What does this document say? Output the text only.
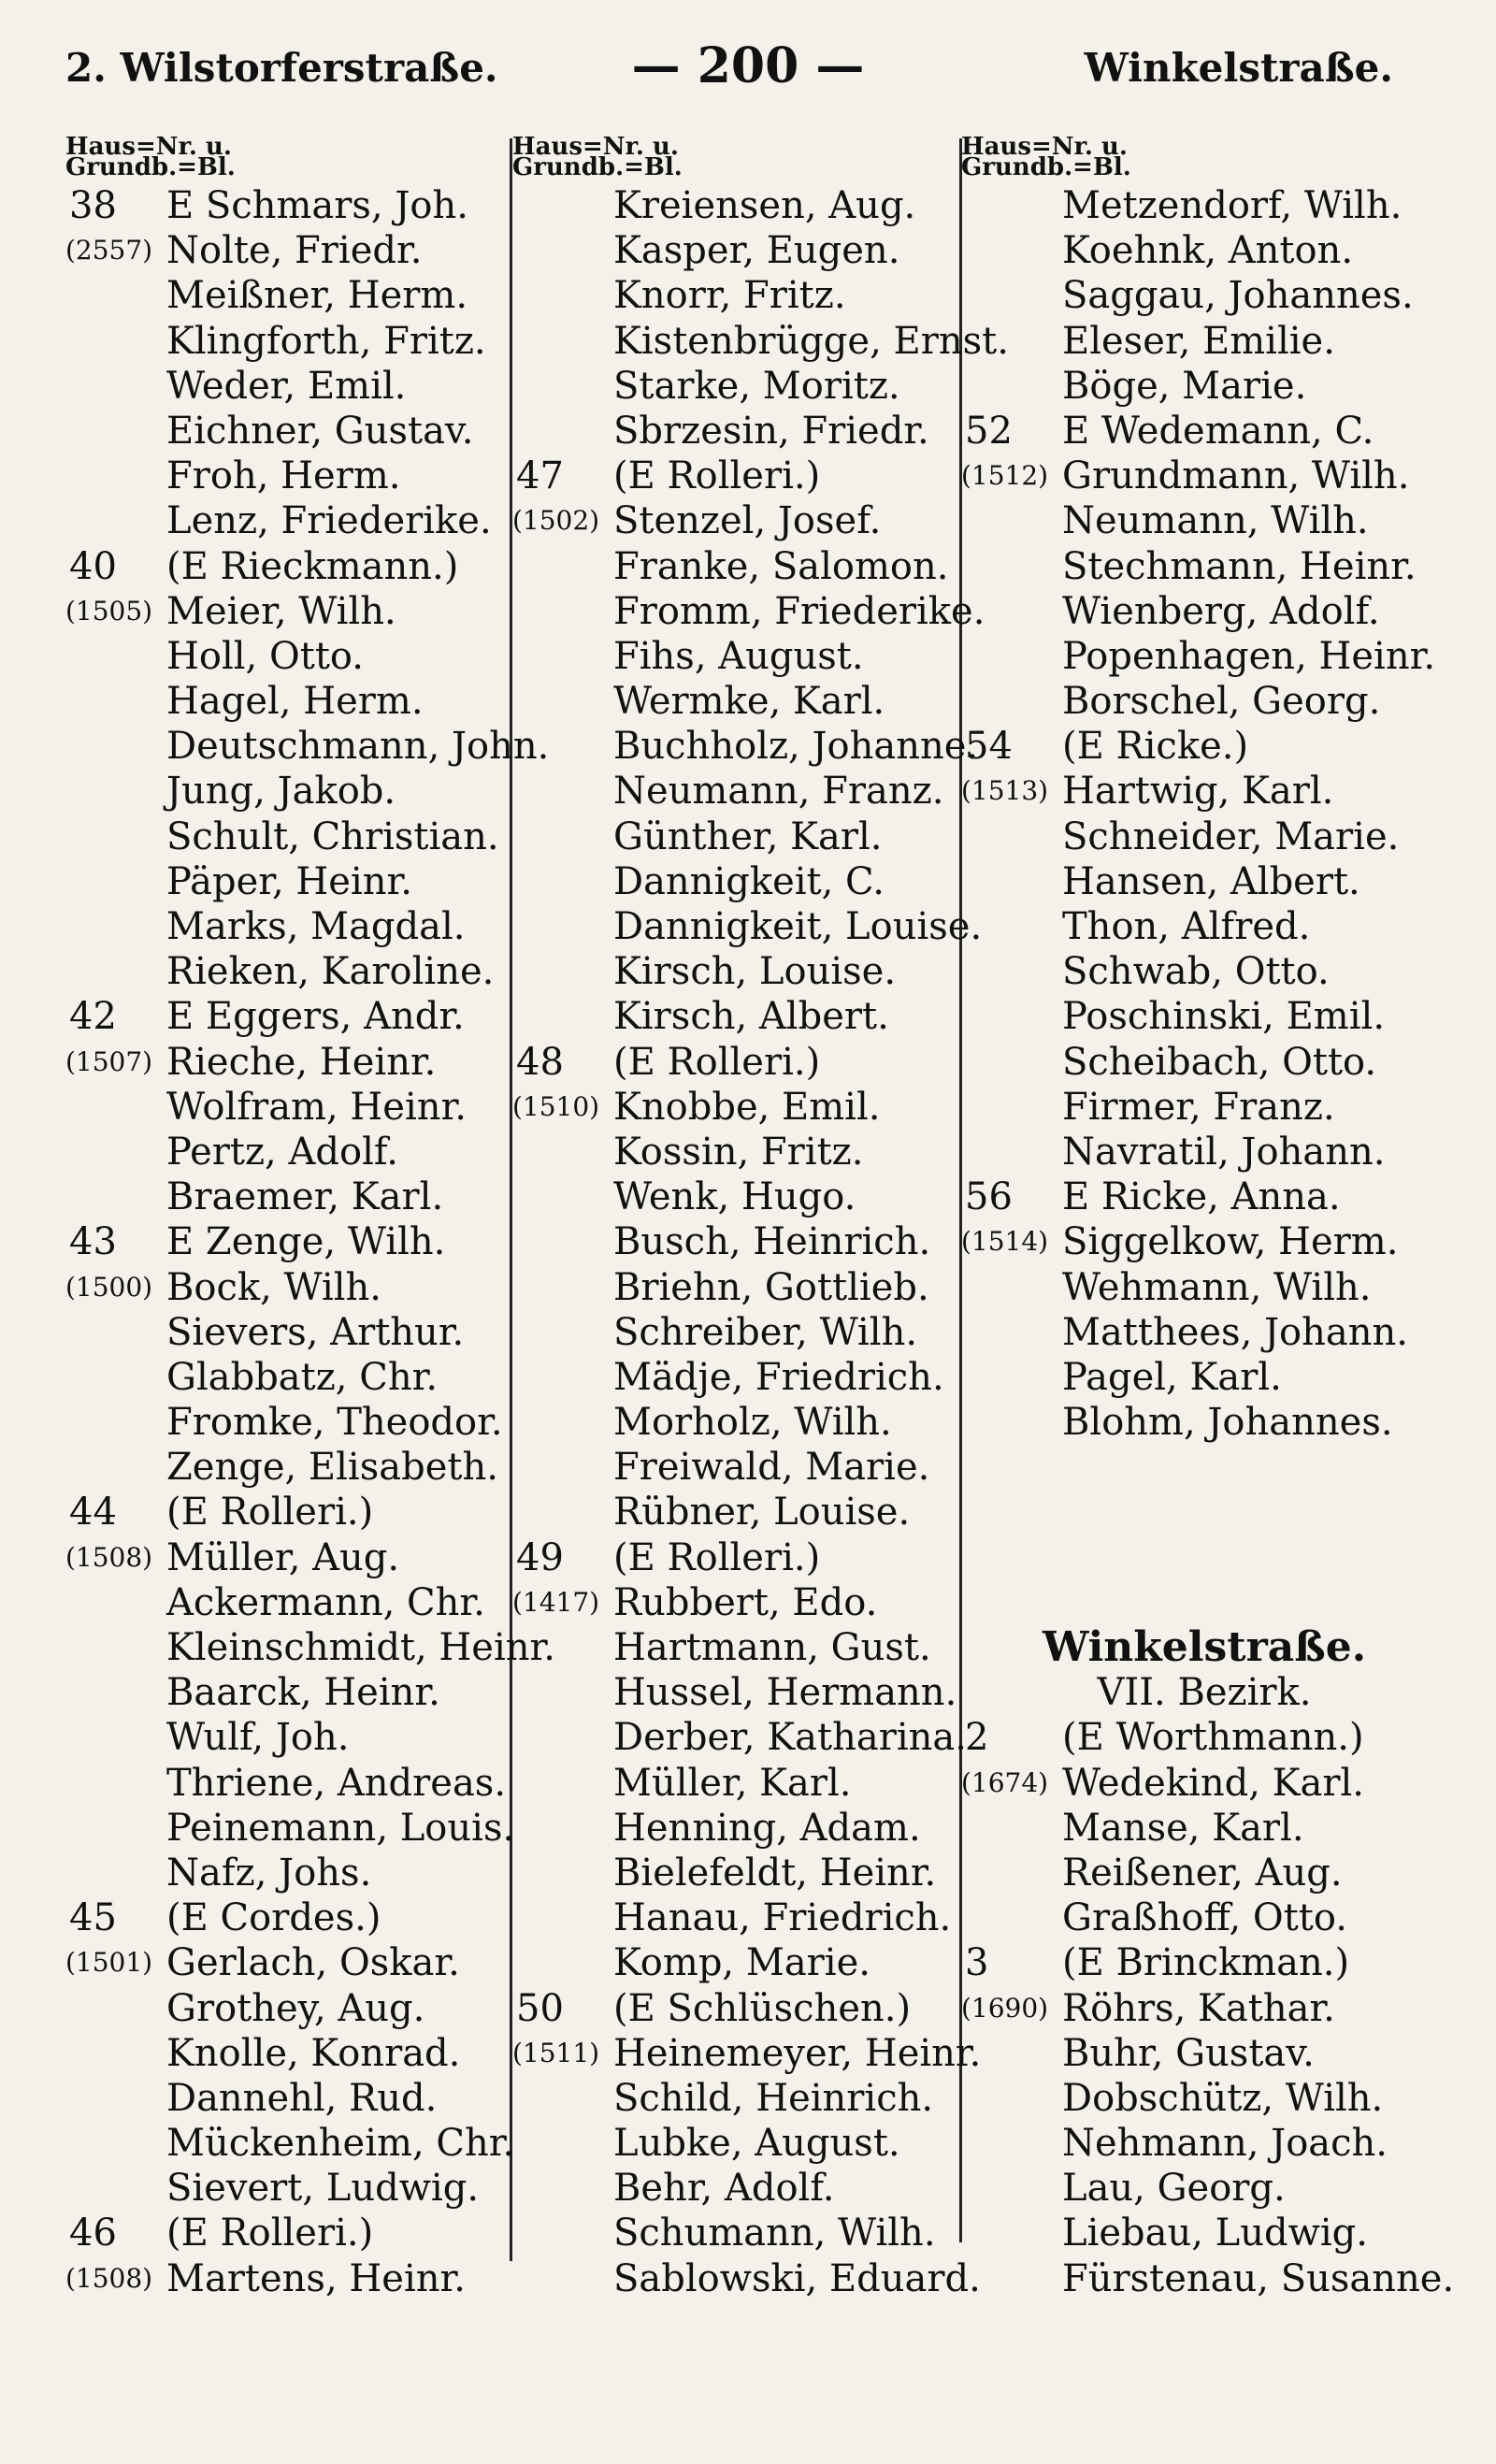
2. Wilstorferstraße.	— 200 —	Winkelstraße.
Haus=Nr. u.
Grundb.=Bl.
38 E Schmars, Joh.
(2557) Nolte, Friedr.
Meißner, Herm.
Klingforth, Fritz.
Weder, Emil.
Eichner, Gustav.
Froh, Herm.
Lenz, Friederike.
40 (E Rieckmann.)
(1505) Meier, Wilh.
Holl, Otto.
Hagel, Herm.
Deutschmann, John.
Jung, Jakob.
Schult, Christian.
Päper, Heinr.
Marks, Magdal.
Rieken, Karoline.
42 E Eggers, Andr.
(1507) Rieche, Heinr.
Wolfram, Heinr.
Pertz, Adolf.
Braemer, Karl.
43 E Zenge, Wilh.
(1500) Bock, Wilh.
Sievers, Arthur.
Glabbatz, Chr.
Fromke, Theodor.
Zenge, Elisabeth.
44 (E Rolleri.)
(1508) Müller, Aug.
Ackermann, Chr.
Kleinschmidt, Heinr.
Baarck, Heinr.
Wulf, Joh.
Thriene, Andreas.
Peinemann, Louis.
Nafz, Johs.
45 (E Cordes.)
(1501) Gerlach, Oskar.
Grothey, Aug.
Knolle, Konrad.
Dannehl, Rud.
Mückenheim, Chr.
Sievert, Ludwig.
46 (E Rolleri.)
(1508) Martens, Heinr.
Haus=Nr. u.
Grundb.=Bl.
Kreiensen, Aug.
Kasper, Eugen.
Knorr, Fritz.
Kistenbrügge, Ernst.
Starke, Moritz.
Sbrzesin, Friedr.
47 (E Rolleri.)
(1502) Stenzel, Josef.
Franke, Salomon.
Fromm, Friederike.
Fihs, August.
Wermke, Karl.
Buchholz, Johanne.
Neumann, Franz.
Günther, Karl.
Dannigkeit, C.
Dannigkeit, Louise.
Kirsch, Louise.
Kirsch, Albert.
48 (E Rolleri.)
(1510) Knobbe, Emil.
Kossin, Fritz.
Wenk, Hugo.
Busch, Heinrich.
Briehn, Gottlieb.
Schreiber, Wilh.
Mädje, Friedrich.
Morholz, Wilh.
Freiwald, Marie.
Rübner, Louise.
49 (E Rolleri.)
(1417) Rubbert, Edo.
Hartmann, Gust.
Hussel, Hermann.
Derber, Katharina.
Müller, Karl.
Henning, Adam.
Bielefeldt, Heinr.
Hanau, Friedrich.
Komp, Marie.
50 (E Schlüschen.)
(1511) Heinemeyer, Heinr.
Schild, Heinrich.
Lubke, August.
Behr, Adolf.
Schumann, Wilh.
Sablowski, Eduard.
Haus=Nr. u.
Grundb.=Bl.
Metzendorf, Wilh.
Koehnk, Anton.
Saggau, Johannes.
Eleser, Emilie.
Böge, Marie.
52 E Wedemann, C.
(1512) Grundmann, Wilh.
Neumann, Wilh.
Stechmann, Heinr.
Wienberg, Adolf.
Popenhagen, Heinr.
Borschel, Georg.
54 (E Ricke.)
(1513) Hartwig, Karl.
Schneider, Marie.
Hansen, Albert.
Thon, Alfred.
Schwab, Otto.
Poschinski, Emil.
Scheibach, Otto.
Firmer, Franz.
Navratil, Johann.
56 E Ricke, Anna.
(1514) Siggelkow, Herm.
Wehmann, Wilh.
Matthees, Johann.
Pagel, Karl.
Blohm, Johannes.
Winkelstraße.
VII. Bezirk.
2 (E Worthmann.)
(1674) Wedekind, Karl.
Manse, Karl.
Reißener, Aug.
Graßhoff, Otto.
3 (E Brinckman.)
(1690) Röhrs, Kathar.
Buhr, Gustav.
Dobschütz, Wilh.
Nehmann, Joach.
Lau, Georg.
Liebau, Ludwig.
Fürstenau, Susanne.
